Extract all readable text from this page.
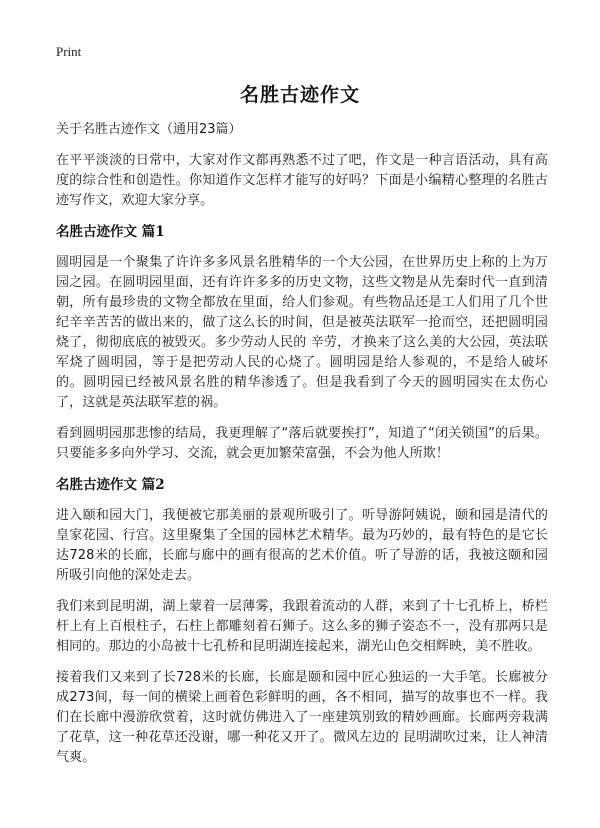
Print
名胜古迹作文

关于名胜古迹作文（通用23篇）

在平平淡淡的日常中，大家对作文都再熟悉不过了吧，作文是一种言语活动，具有高度的综合性和创造性。你知道作文怎样才能写的好吗？下面是小编精心整理的名胜古迹写作文，欢迎大家分享。

名胜古迹作文 篇1

圆明园是一个聚集了许许多多风景名胜精华的一个大公园，在世界历史上称的上为万园之园。在圆明园里面，还有许许多多的历史文物，这些文物是从先秦时代一直到清朝，所有最珍贵的文物全都放在里面，给人们参观。有些物品还是工人们用了几个世纪辛辛苦苦的做出来的，做了这么长的时间，但是被英法联军一抢而空，还把圆明园烧了，彻彻底底的被毁灭。多少劳动人民的 辛劳，才换来了这么美的大公园，英法联军烧了圆明园，等于是把劳动人民的心烧了。圆明园是给人参观的，不是给人破坏的。圆明园已经被风景名胜的精华渗透了。但是我看到了今天的圆明园实在太伤心了，这就是英法联军惹的祸。

看到圆明园那悲惨的结局，我更理解了“落后就要挨打”，知道了“闭关锁国”的后果。只要能多多向外学习、交流，就会更加繁荣富强，不会为他人所欺！

名胜古迹作文 篇2

进入颐和园大门，我便被它那美丽的景观所吸引了。听导游阿姨说，颐和园是清代的皇家花园、行宫。这里聚集了全国的园林艺术精华。最为巧妙的，最有特色的是它长达728米的长廊，长廊与廊中的画有很高的艺术价值。听了导游的话，我被这颐和园所吸引向他的深处走去。

我们来到昆明湖，湖上蒙着一层薄雾，我跟着流动的人群，来到了十七孔桥上，桥栏杆上有上百根柱子，石柱上都雕刻着石狮子。这么多的狮子姿态不一，没有那两只是相同的。那边的小岛被十七孔桥和昆明湖连接起来，湖光山色交相辉映，美不胜收。

接着我们又来到了长728米的长廊，长廊是颐和园中匠心独运的一大手笔。长廊被分成273间，每一间的横梁上画着色彩鲜明的画，各不相同，描写的故事也不一样。我们在长廊中漫游欣赏着，这时就仿佛进入了一座建筑别致的精妙画廊。长廊两旁栽满了花草，这一种花草还没谢，哪一种花又开了。微风左边的 昆明湖吹过来，让人神清气爽。
